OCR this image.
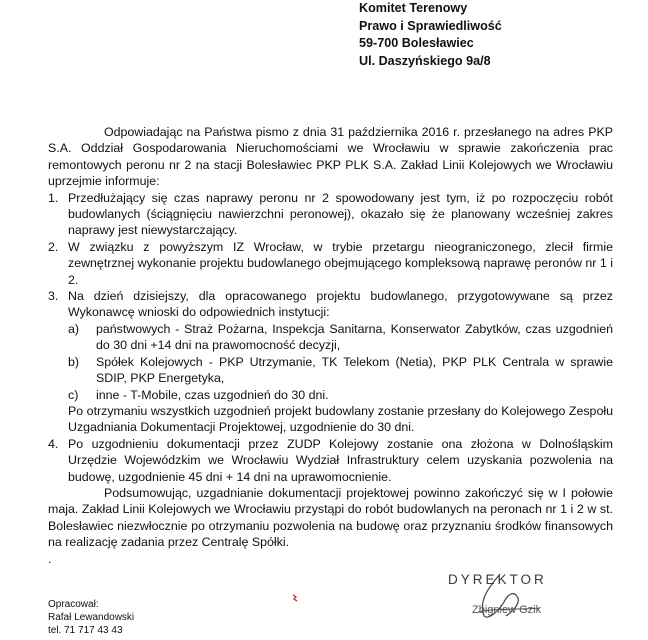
Komitet Terenowy
Prawo i Sprawiedliwość
59-700 Bolesławiec
Ul. Daszyńskiego 9a/8

Odpowiadając na Państwa pismo z dnia 31 października 2016 r. przesłanego na adres PKP S.A. Oddział Gospodarowania Nieruchomościami we Wrocławiu w sprawie zakończenia prac remontowych peronu nr 2 na stacji Bolesławiec PKP PLK S.A. Zakład Linii Kolejowych we Wrocławiu uprzejmie informuje:

1. Przedłużający się czas naprawy peronu nr 2 spowodowany jest tym, iż po rozpoczęciu robót budowlanych (ściągnięciu nawierzchni peronowej), okazało się że planowany wcześniej zakres naprawy jest niewystarczający.
2. W związku z powyższym IZ Wrocław, w trybie przetargu nieograniczonego, zlecił firmie zewnętrznej wykonanie projektu budowlanego obejmującego kompleksową naprawę peronów nr 1 i 2.
3. Na dzień dzisiejszy, dla opracowanego projektu budowlanego, przygotowywane są przez Wykonawcę wnioski do odpowiednich instytucji:
a) państwowych - Straż Pożarna, Inspekcja Sanitarna, Konserwator Zabytków, czas uzgodnień do 30 dni +14 dni na prawomocność decyzji,
b) Spółek Kolejowych - PKP Utrzymanie, TK Telekom (Netia), PKP PLK Centrala w sprawie SDIP, PKP Energetyka,
c) inne - T-Mobile, czas uzgodnień do 30 dni.

Po otrzymaniu wszystkich uzgodnień projekt budowlany zostanie przesłany do Kolejowego Zespołu Uzgadniania Dokumentacji Projektowej, uzgodnienie do 30 dni.

4. Po uzgodnieniu dokumentacji przez ZUDP Kolejowy zostanie ona złożona w Dolnośląskim Urzędzie Wojewódzkim we Wrocławiu Wydział Infrastruktury celem uzyskania pozwolenia na budowę, uzgodnienie 45 dni + 14 dni na uprawomocnienie.

Podsumowując, uzgadnianie dokumentacji projektowej powinno zakończyć się w I połowie maja. Zakład Linii Kolejowych we Wrocławiu przystąpi do robót budowlanych na peronach nr 1 i 2 w st. Bolesławiec niezwłocznie po otrzymaniu pozwolenia na budowę oraz przyznaniu środków finansowych na realizację zadania przez Centralę Spółki.

.

DYREKTOR
Zbigniew Gzik
Opracował:
Rafał Lewandowski
tel. 71 717 43 43
